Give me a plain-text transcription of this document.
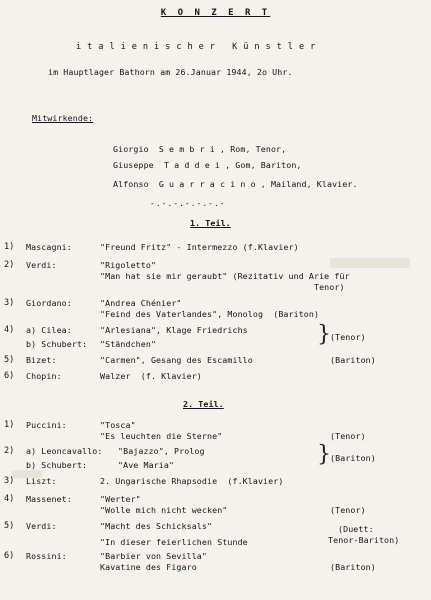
K O N Z E R T
i t a l i e n i s c h e r   K ü n s t l e r
im Hauptlager Bathorn am 26.Januar 1944, 2o Uhr.
Mitwirkende:
Giorgio  S e m b r i , Rom, Tenor,
Giuseppe  T a d d e i , Gom, Bariton,
Alfonso  G u a r r a c i n o , Mailand, Klavier.
-.-.-.-.-.-.-
1. Teil.
1) Mascagni:	"Freund Fritz" - Intermezzo (f.Klavier)
2) Verdi:	"Rigoletto"
"Man hat sie mir geraubt" (Rezitativ und Arie für
Tenor)
3) Giordano:	"Andrea Chénier"
"Feind des Vaterlandes", Monolog  (Bariton)
4) a) Cilea:	"Arlesiana", Klage Friedrichs	} (Tenor)
b) Schubert: "Ständchen"
5) Bizet:	"Carmen", Gesang des Escamillo	(Bariton)
6) Chopin:	Walzer  (f. Klavier)
2. Teil.
1) Puccini:	"Tosca"
"Es leuchten die Sterne"	(Tenor)
2) a) Leoncavallo: "Bajazzo", Prolog	} (Bariton)
b) Schubert:	"Ave Maria"
3) Liszt:	2. Ungarische Rhapsodie  (f.Klavier)
4) Massenet:	"Werter"
"Wolle mich nicht wecken"	(Tenor)
5) Verdi:	"Macht des Schicksals"	(Duett:
"In dieser feierlichen Stunde	Tenor-Bariton)
6) Rossini:	"Barbier von Sevilla"
Kavatine des Figaro	(Bariton)
